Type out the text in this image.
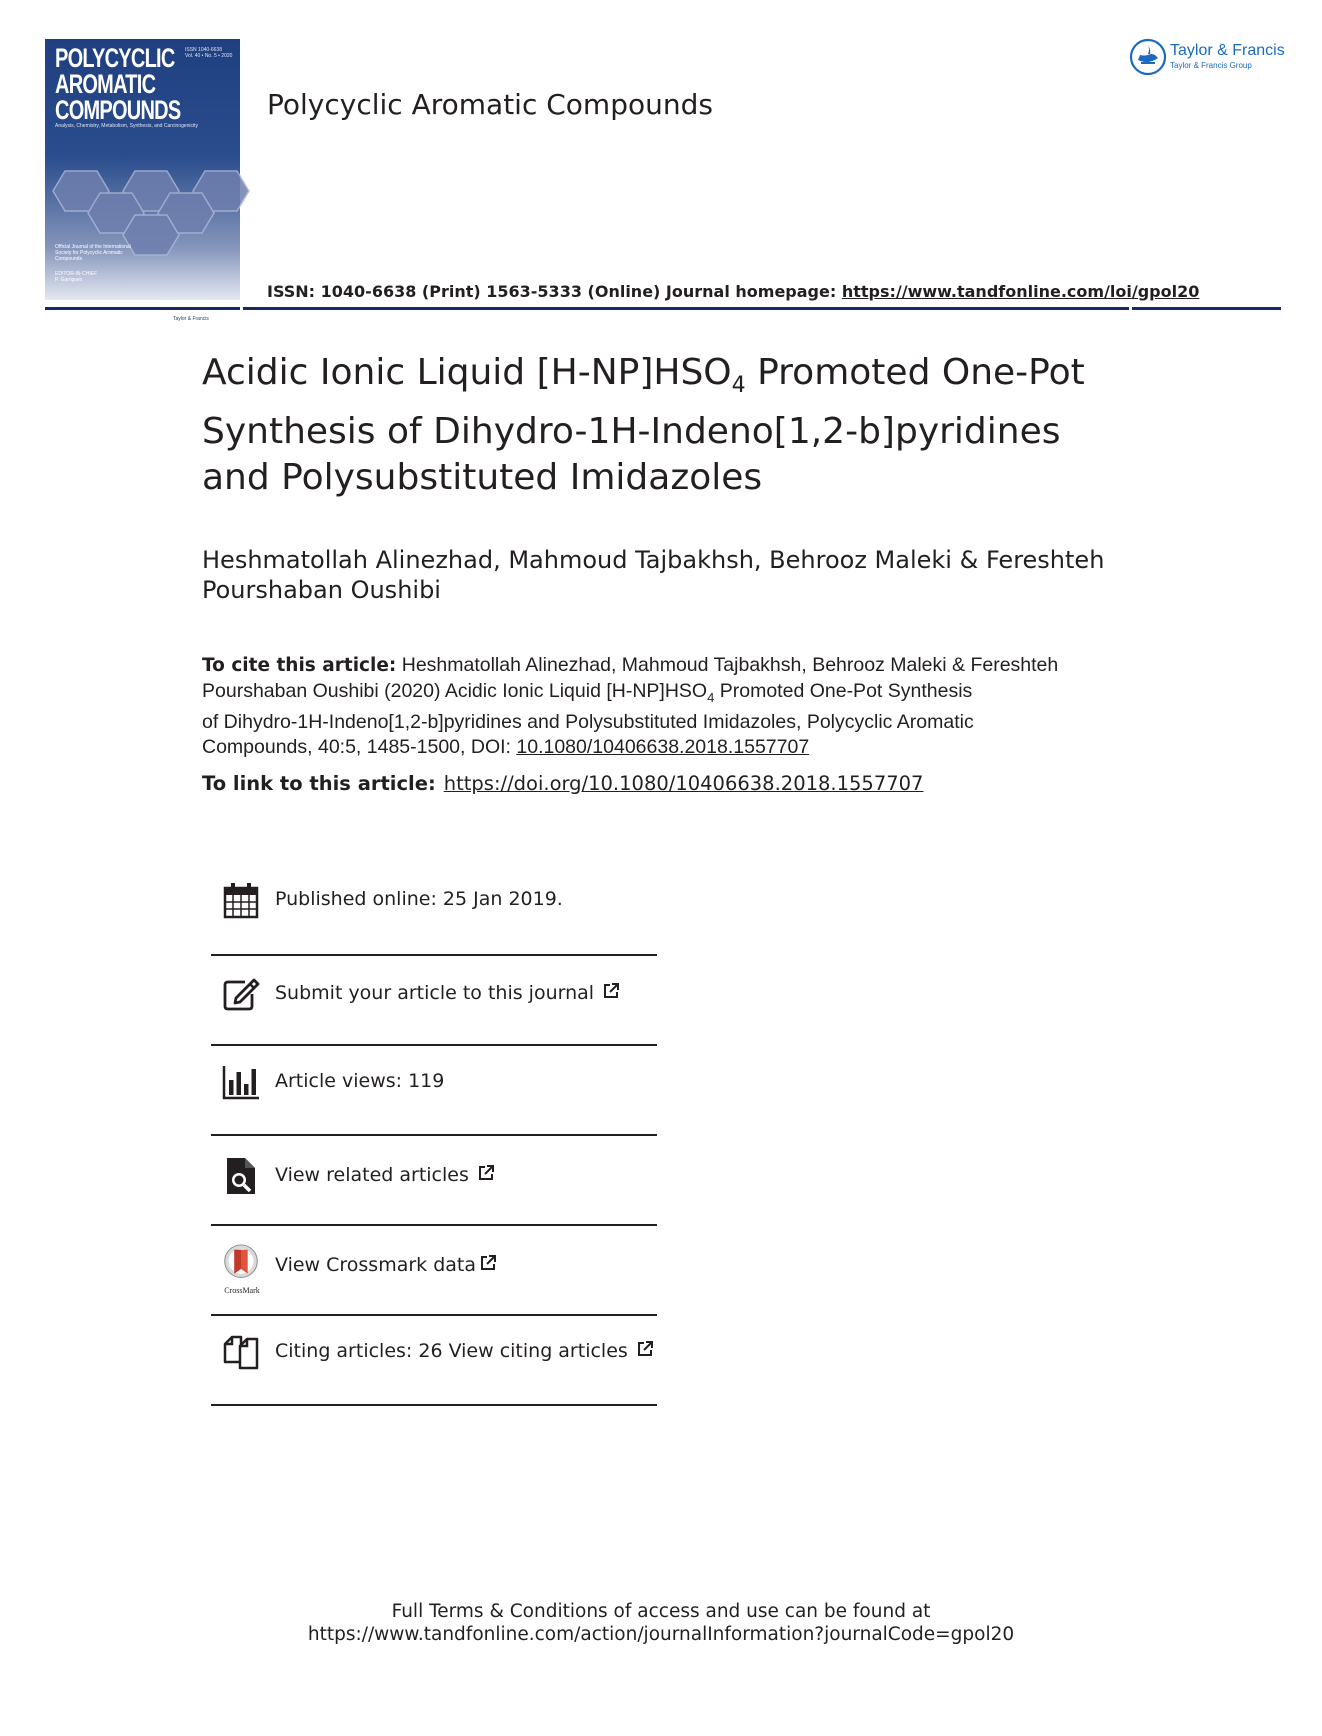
POLYCYCLIC
AROMATIC
COMPOUNDS
ISSN 1040-6638
Vol. 40 • No. 5 • 2020
Analysis, Chemistry, Metabolism, Synthesis, and Carcinogenicity
Official Journal of the International
Society for Polycyclic Aromatic
Compounds
EDITOR-IN-CHIEF
P. Garrigues
Taylor & Francis
Polycyclic Aromatic Compounds
Taylor & Francis
Taylor & Francis Group
ISSN: 1040-6638 (Print) 1563-5333 (Online) Journal homepage: https://www.tandfonline.com/loi/gpol20
Acidic Ionic Liquid $[H-NP]HSO_4$ Promoted One-Pot
Synthesis of Dihydro-1H-Indeno[1,2-b]pyridines
and Polysubstituted Imidazoles
Heshmatollah Alinezhad, Mahmoud Tajbakhsh, Behrooz Maleki & Fereshteh
Pourshaban Oushibi
To cite this article: Heshmatollah Alinezhad, Mahmoud Tajbakhsh, Behrooz Maleki & Fereshteh
Pourshaban Oushibi (2020) Acidic Ionic Liquid $[H-NP]HSO_4$ Promoted One-Pot Synthesis
of Dihydro-1H-Indeno[1,2-b]pyridines and Polysubstituted Imidazoles, Polycyclic Aromatic
Compounds, 40:5, 1485-1500, DOI: 10.1080/10406638.2018.1557707
To link to this article: https://doi.org/10.1080/10406638.2018.1557707
Published online: 25 Jan 2019.
Submit your article to this journal
Article views: 119
View related articles
CrossMark
View Crossmark data
Citing articles: 26 View citing articles
Full Terms & Conditions of access and use can be found at
https://www.tandfonline.com/action/journalInformation?journalCode=gpol20
